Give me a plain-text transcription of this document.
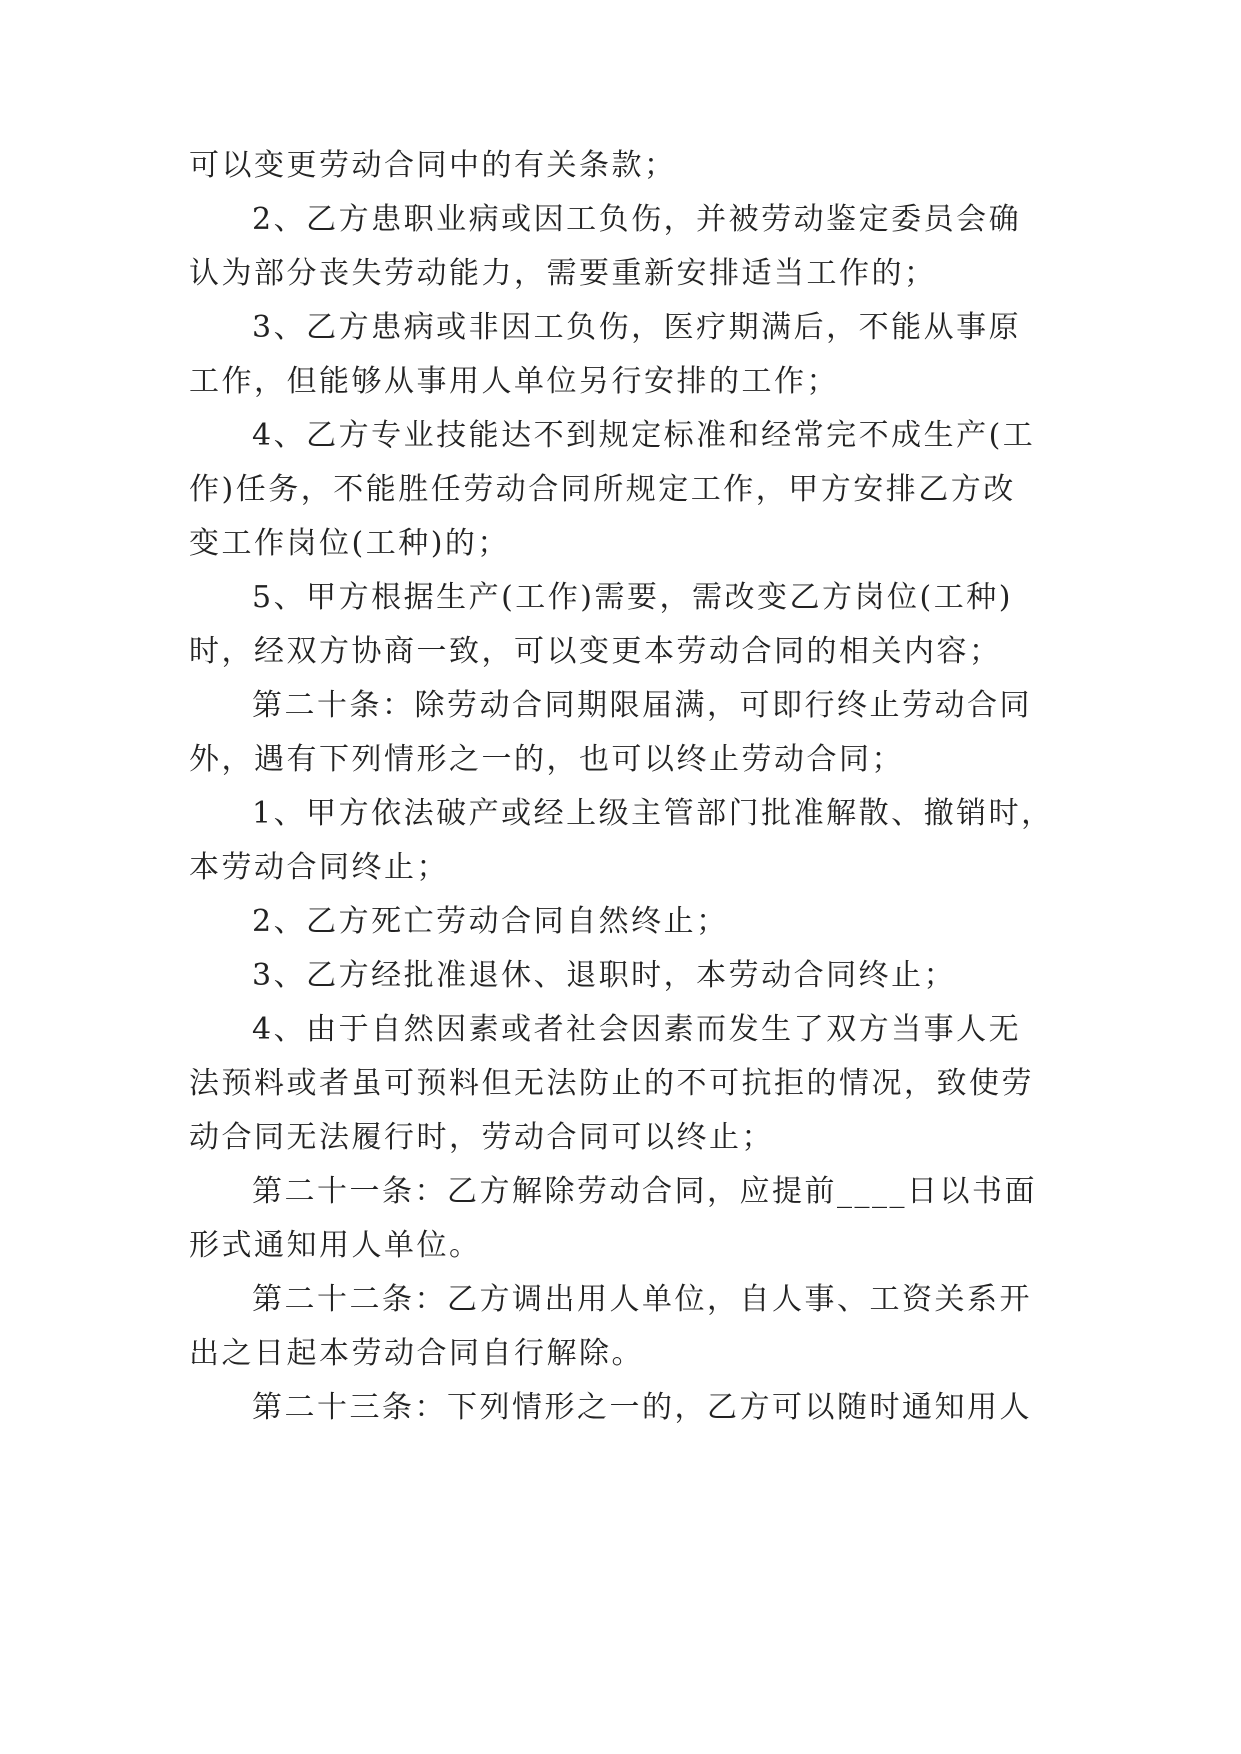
可以变更劳动合同中的有关条款；
2、乙方患职业病或因工负伤，并被劳动鉴定委员会确
认为部分丧失劳动能力，需要重新安排适当工作的；
3、乙方患病或非因工负伤，医疗期满后，不能从事原
工作，但能够从事用人单位另行安排的工作；
4、乙方专业技能达不到规定标准和经常完不成生产(工
作)任务，不能胜任劳动合同所规定工作，甲方安排乙方改
变工作岗位(工种)的；
5、甲方根据生产(工作)需要，需改变乙方岗位(工种)
时，经双方协商一致，可以变更本劳动合同的相关内容；
第二十条：除劳动合同期限届满，可即行终止劳动合同
外，遇有下列情形之一的，也可以终止劳动合同；
1、甲方依法破产或经上级主管部门批准解散、撤销时，
本劳动合同终止；
2、乙方死亡劳动合同自然终止；
3、乙方经批准退休、退职时，本劳动合同终止；
4、由于自然因素或者社会因素而发生了双方当事人无
法预料或者虽可预料但无法防止的不可抗拒的情况，致使劳
动合同无法履行时，劳动合同可以终止；
第二十一条：乙方解除劳动合同，应提前____日以书面
形式通知用人单位。
第二十二条：乙方调出用人单位，自人事、工资关系开
出之日起本劳动合同自行解除。
第二十三条：下列情形之一的，乙方可以随时通知用人
